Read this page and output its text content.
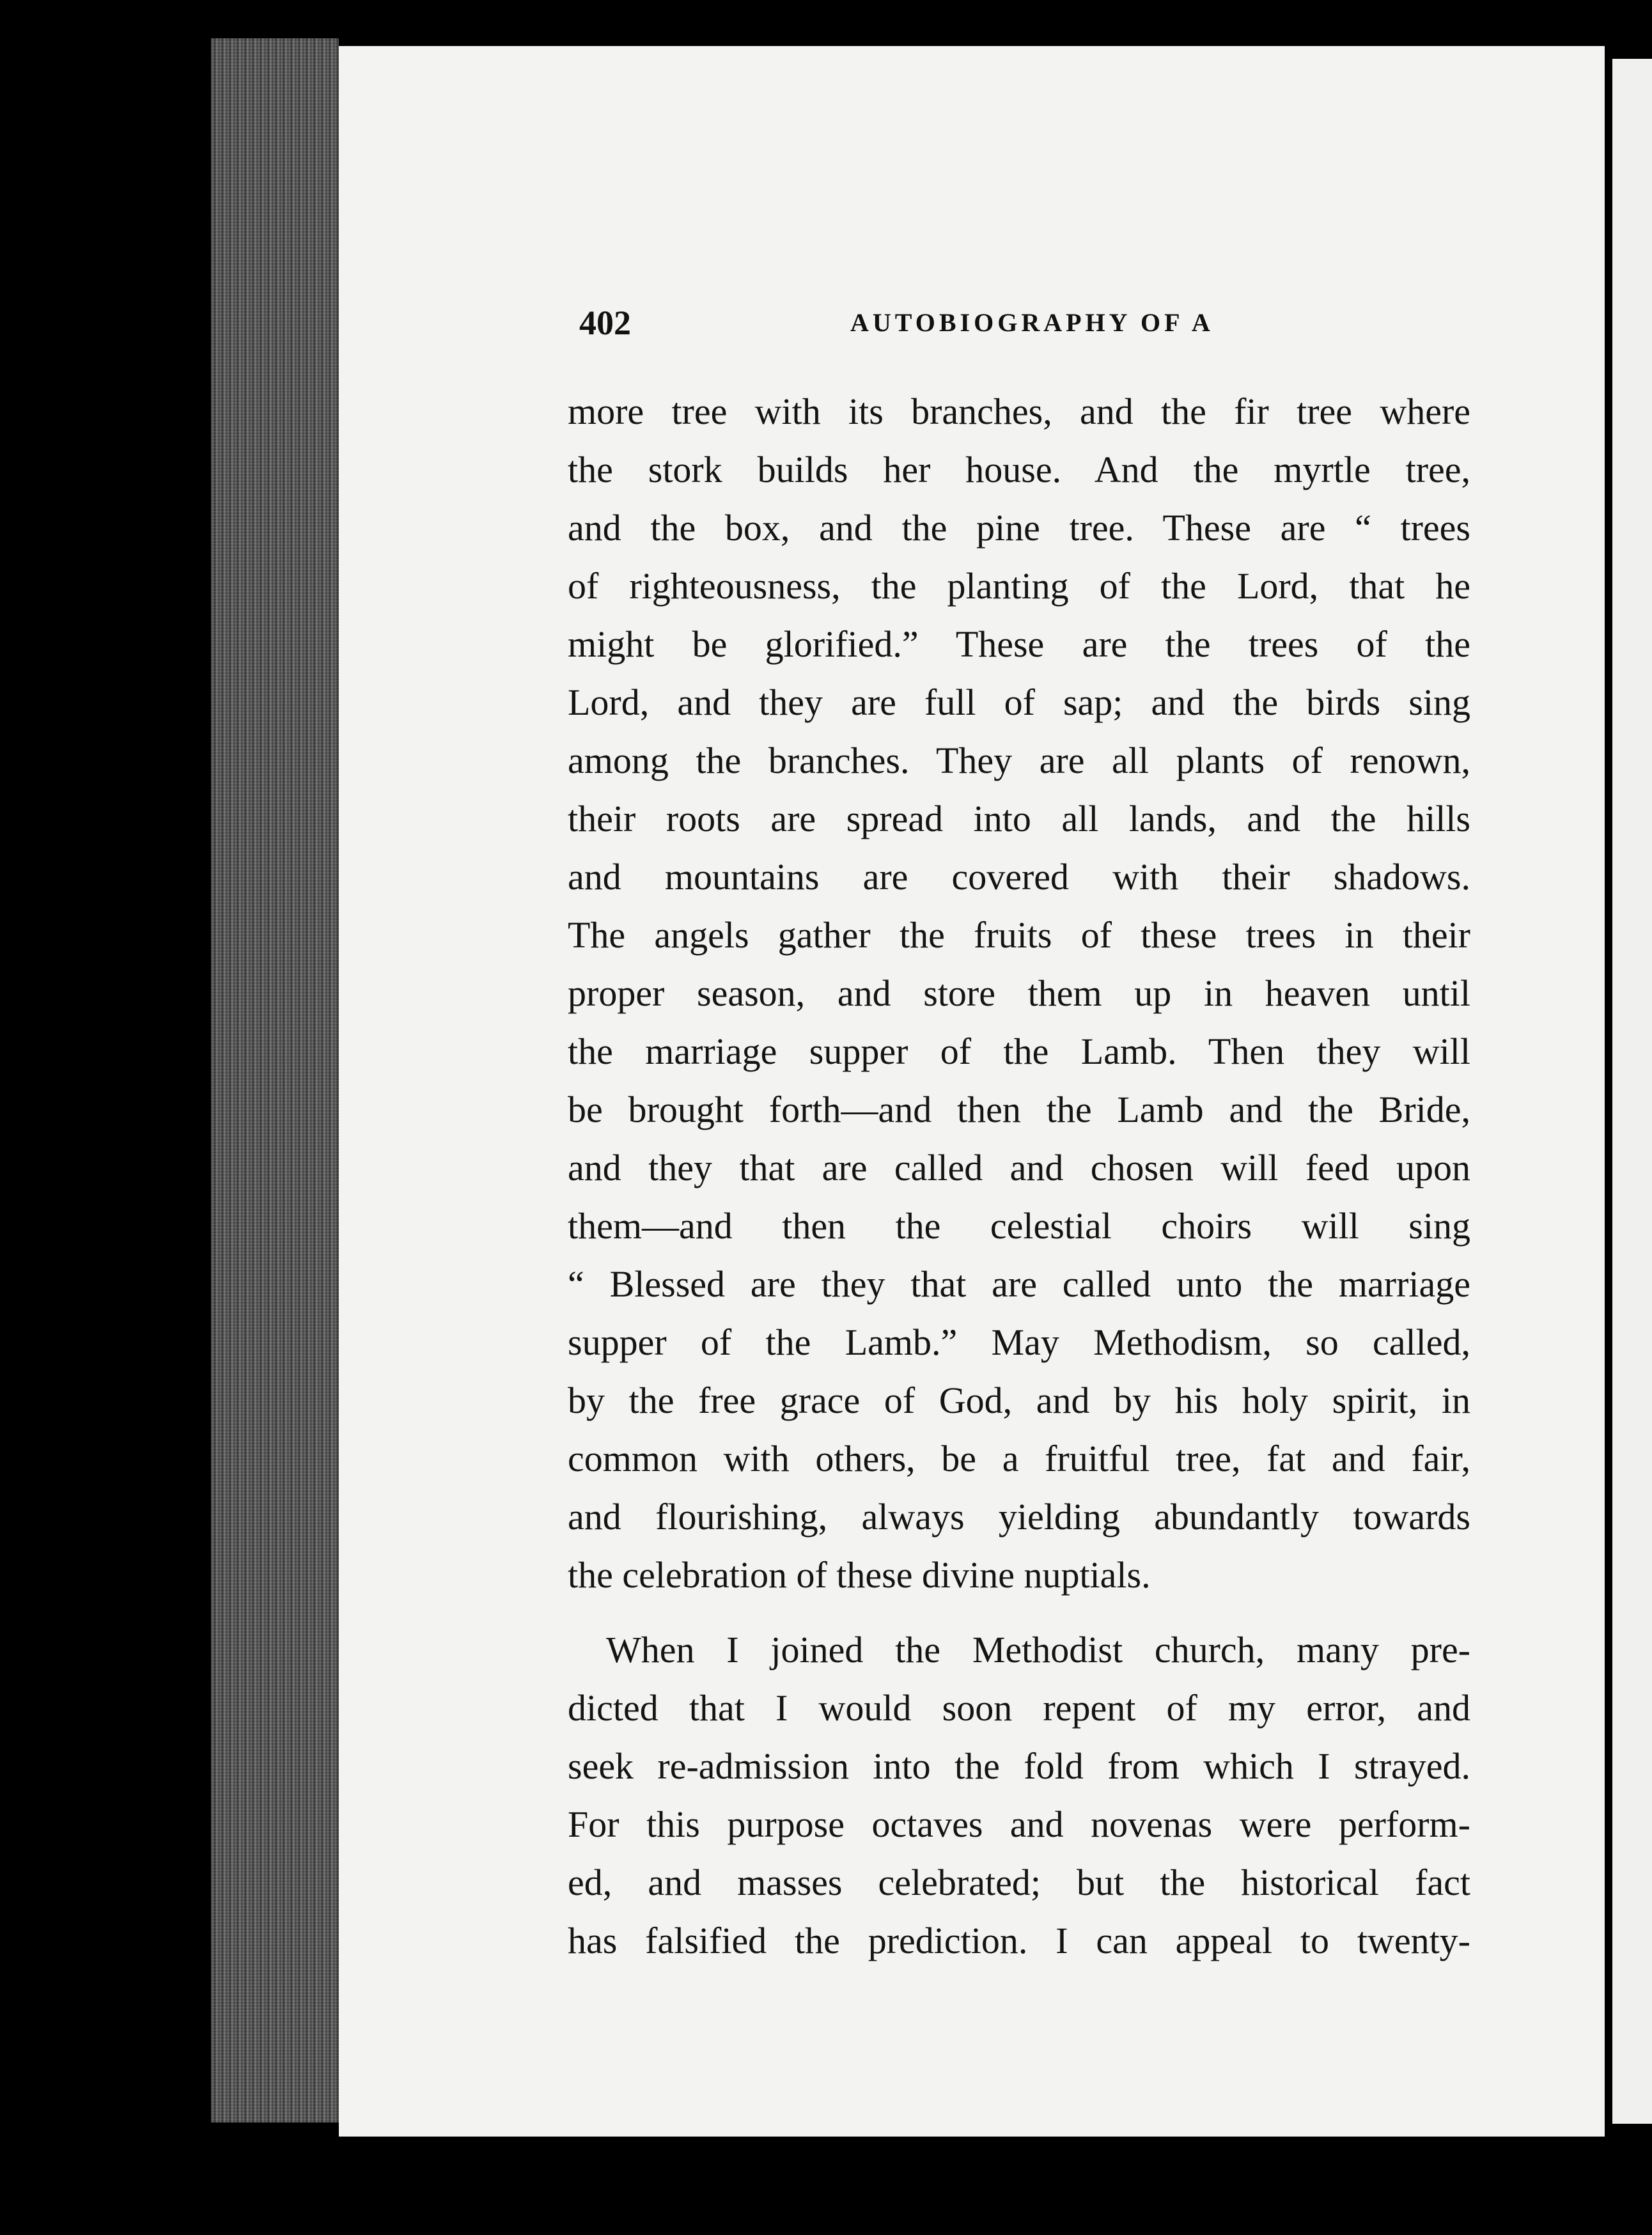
402	AUTOBIOGRAPHY OF A
more tree with its branches, and the fir tree where
the stork builds her house. And the myrtle tree,
and the box, and the pine tree. These are “ trees
of righteousness, the planting of the Lord, that he
might be glorified.” These are the trees of the
Lord, and they are full of sap; and the birds sing
among the branches. They are all plants of renown,
their roots are spread into all lands, and the hills
and mountains are covered with their shadows.
The angels gather the fruits of these trees in their
proper season, and store them up in heaven until
the marriage supper of the Lamb. Then they will
be brought forth—and then the Lamb and the Bride,
and they that are called and chosen will feed upon
them—and then the celestial choirs will sing
“ Blessed are they that are called unto the marriage
supper of the Lamb.” May Methodism, so called,
by the free grace of God, and by his holy spirit, in
common with others, be a fruitful tree, fat and fair,
and flourishing, always yielding abundantly towards
the celebration of these divine nuptials.
When I joined the Methodist church, many pre-
dicted that I would soon repent of my error, and
seek re-admission into the fold from which I strayed.
For this purpose octaves and novenas were perform-
ed, and masses celebrated; but the historical fact
has falsified the prediction. I can appeal to twenty-
